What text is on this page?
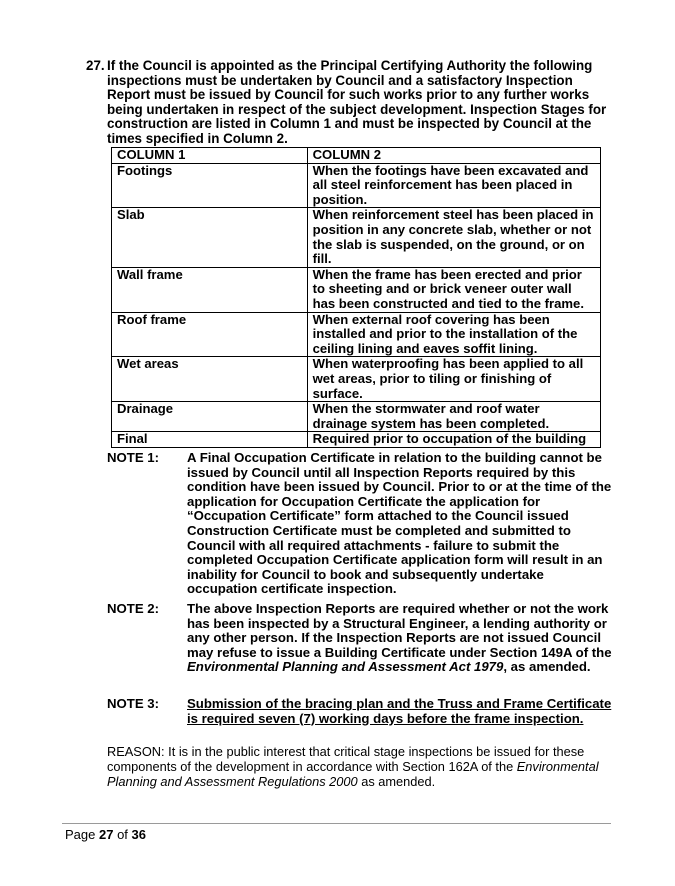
27. If the Council is appointed as the Principal Certifying Authority the following inspections must be undertaken by Council and a satisfactory Inspection Report must be issued by Council for such works prior to any further works being undertaken in respect of the subject development. Inspection Stages for construction are listed in Column 1 and must be inspected by Council at the times specified in Column 2.
COLUMN 1	COLUMN 2
Footings	When the footings have been excavated and all steel reinforcement has been placed in position.
Slab	When reinforcement steel has been placed in position in any concrete slab, whether or not the slab is suspended, on the ground, or on fill.
Wall frame	When the frame has been erected and prior to sheeting and or brick veneer outer wall has been constructed and tied to the frame.
Roof frame	When external roof covering has been installed and prior to the installation of the ceiling lining and eaves soffit lining.
Wet areas	When waterproofing has been applied to all wet areas, prior to tiling or finishing of surface.
Drainage	When the stormwater and roof water drainage system has been completed.
Final	Required prior to occupation of the building
NOTE 1: A Final Occupation Certificate in relation to the building cannot be issued by Council until all Inspection Reports required by this condition have been issued by Council. Prior to or at the time of the application for Occupation Certificate the application for “Occupation Certificate” form attached to the Council issued Construction Certificate must be completed and submitted to Council with all required attachments - failure to submit the completed Occupation Certificate application form will result in an inability for Council to book and subsequently undertake occupation certificate inspection.
NOTE 2: The above Inspection Reports are required whether or not the work has been inspected by a Structural Engineer, a lending authority or any other person. If the Inspection Reports are not issued Council may refuse to issue a Building Certificate under Section 149A of the Environmental Planning and Assessment Act 1979, as amended.
NOTE 3: Submission of the bracing plan and the Truss and Frame Certificate is required seven (7) working days before the frame inspection.
REASON: It is in the public interest that critical stage inspections be issued for these components of the development in accordance with Section 162A of the Environmental Planning and Assessment Regulations 2000 as amended.
Page 27 of 36
